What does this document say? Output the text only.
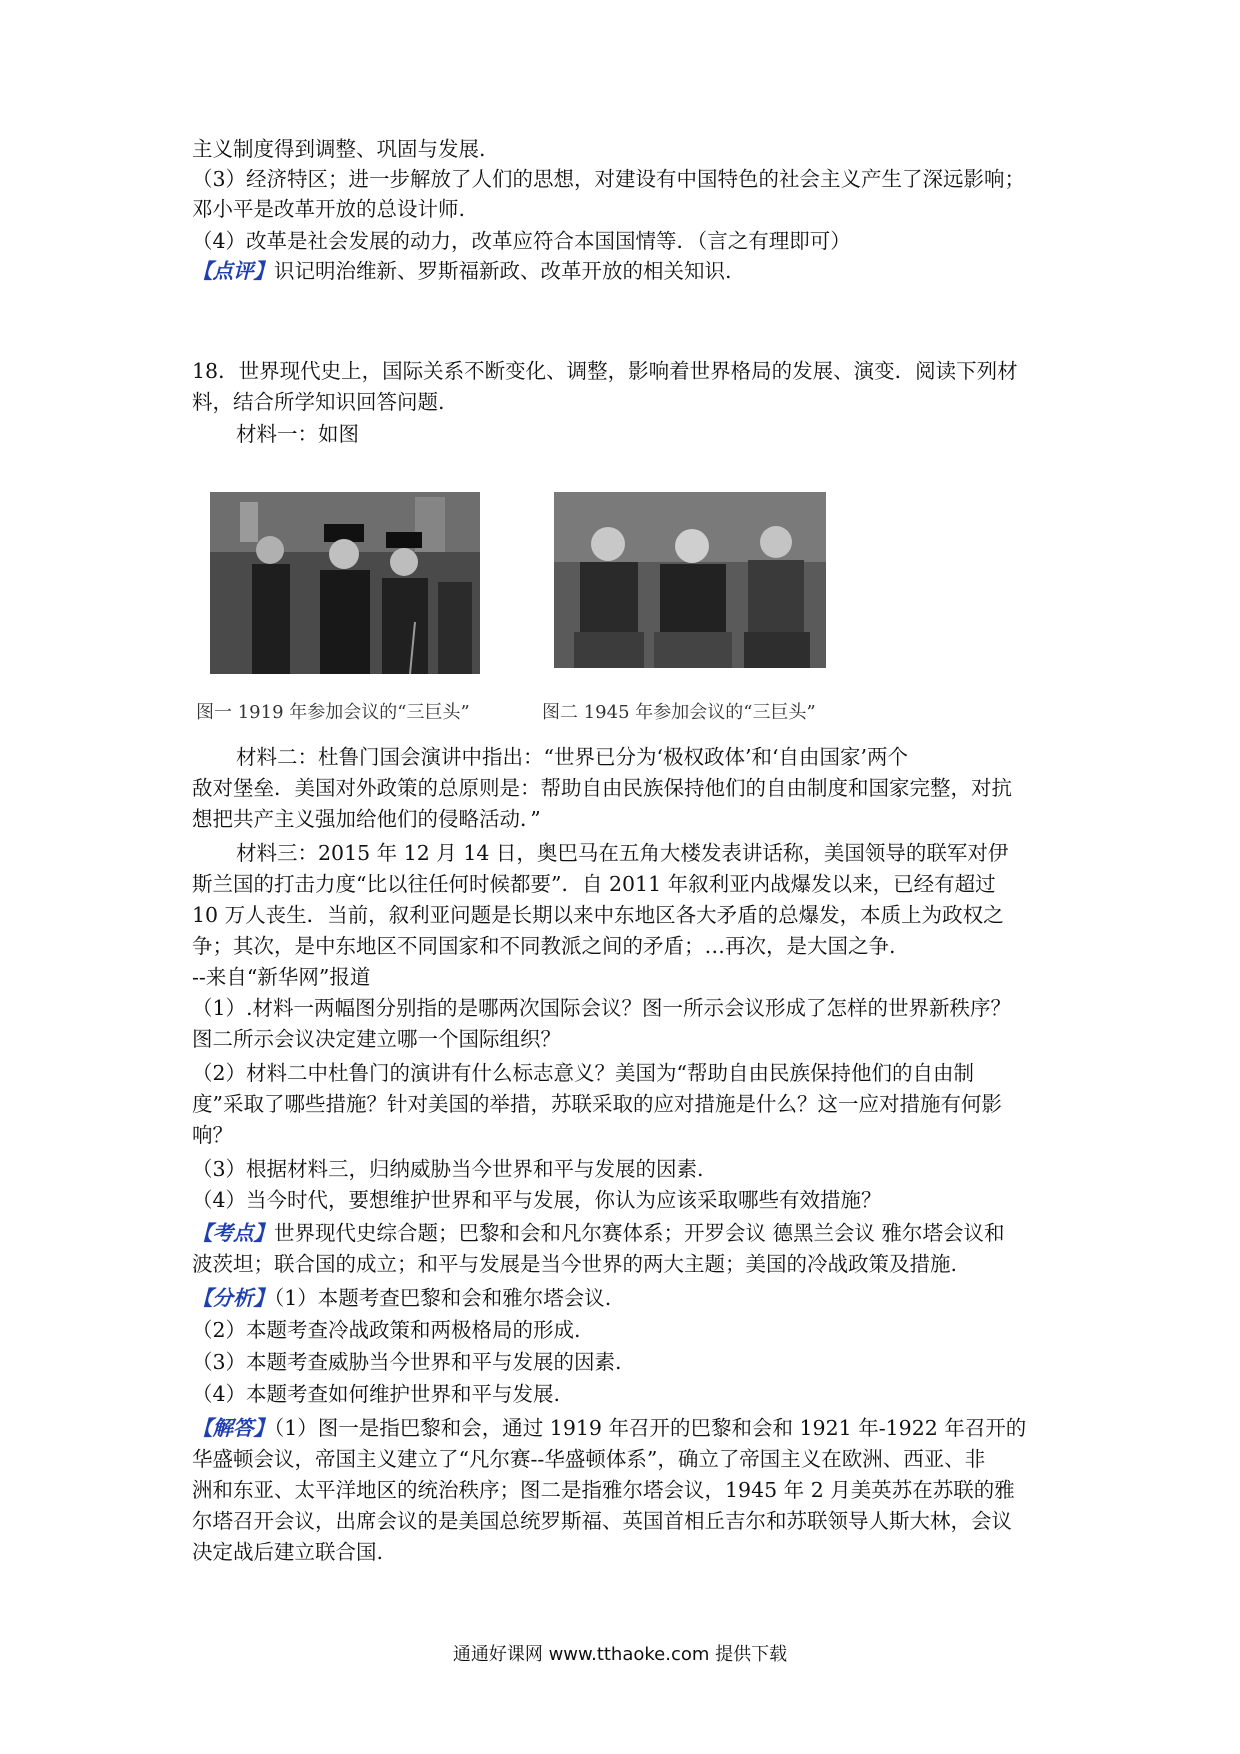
主义制度得到调整、巩固与发展.
（3）经济特区；进一步解放了人们的思想，对建设有中国特色的社会主义产生了深远影响；
邓小平是改革开放的总设计师.
（4）改革是社会发展的动力，改革应符合本国国情等．（言之有理即可）
【点评】识记明治维新、罗斯福新政、改革开放的相关知识.
18．世界现代史上，国际关系不断变化、调整，影响着世界格局的发展、演变．阅读下列材
料，结合所学知识回答问题.
材料一：如图
图一 1919 年参加会议的“三巨头”	图二 1945 年参加会议的“三巨头”
材料二：杜鲁门国会演讲中指出：“世界已分为‘极权政体’和‘自由国家’两个
敌对堡垒．美国对外政策的总原则是：帮助自由民族保持他们的自由制度和国家完整，对抗
想把共产主义强加给他们的侵略活动．”
材料三：2015 年 12 月 14 日，奥巴马在五角大楼发表讲话称，美国领导的联军对伊
斯兰国的打击力度“比以往任何时候都要”．自 2011 年叙利亚内战爆发以来，已经有超过
10 万人丧生．当前，叙利亚问题是长期以来中东地区各大矛盾的总爆发，本质上为政权之
争；其次，是中东地区不同国家和不同教派之间的矛盾；…再次，是大国之争.
--来自“新华网”报道
（1）.材料一两幅图分别指的是哪两次国际会议？图一所示会议形成了怎样的世界新秩序？
图二所示会议决定建立哪一个国际组织？
（2）材料二中杜鲁门的演讲有什么标志意义？美国为“帮助自由民族保持他们的自由制
度”采取了哪些措施？针对美国的举措，苏联采取的应对措施是什么？这一应对措施有何影
响？
（3）根据材料三，归纳威胁当今世界和平与发展的因素.
（4）当今时代，要想维护世界和平与发展，你认为应该采取哪些有效措施？
【考点】世界现代史综合题；巴黎和会和凡尔赛体系；开罗会议 德黑兰会议 雅尔塔会议和
波茨坦；联合国的成立；和平与发展是当今世界的两大主题；美国的冷战政策及措施.
【分析】（1）本题考查巴黎和会和雅尔塔会议.
（2）本题考查冷战政策和两极格局的形成.
（3）本题考查威胁当今世界和平与发展的因素.
（4）本题考查如何维护世界和平与发展.
【解答】（1）图一是指巴黎和会，通过 1919 年召开的巴黎和会和 1921 年-1922 年召开的
华盛顿会议，帝国主义建立了“凡尔赛--华盛顿体系”，确立了帝国主义在欧洲、西亚、非
洲和东亚、太平洋地区的统治秩序；图二是指雅尔塔会议，1945 年 2 月美英苏在苏联的雅
尔塔召开会议，出席会议的是美国总统罗斯福、英国首相丘吉尔和苏联领导人斯大林，会议
决定战后建立联合国.
通通好课网 www.tthaoke.com 提供下载
